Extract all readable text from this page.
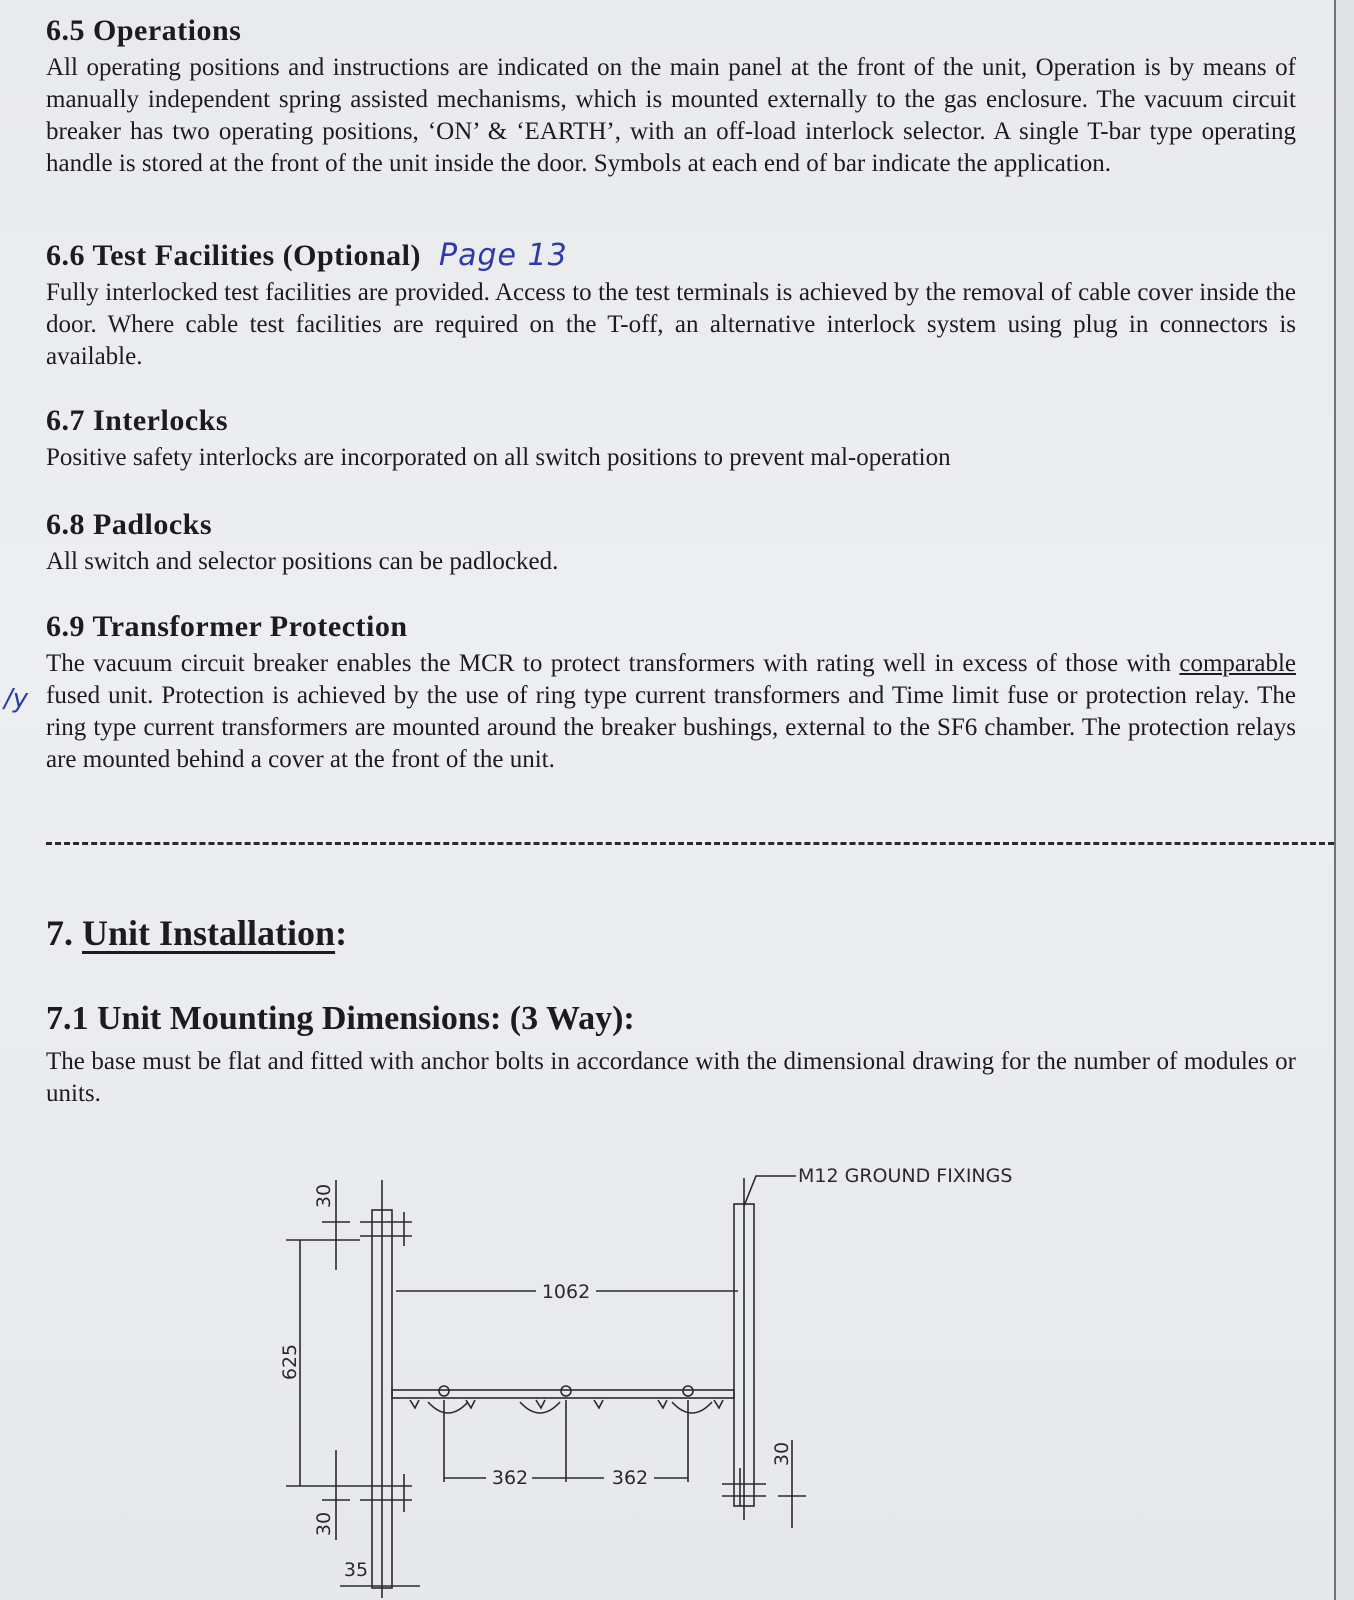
6.5 Operations

All operating positions and instructions are indicated on the main panel at the front of the unit, Operation is by means of manually independent spring assisted mechanisms, which is mounted externally to the gas enclosure. The vacuum circuit breaker has two operating positions, ‘ON’ & ‘EARTH’, with an off-load interlock selector. A single T-bar type operating handle is stored at the front of the unit inside the door. Symbols at each end of bar indicate the application.

6.6 Test Facilities (Optional) Page 13

Fully interlocked test facilities are provided. Access to the test terminals is achieved by the removal of cable cover inside the door. Where cable test facilities are required on the T-off, an alternative interlock system using plug in connectors is available.

6.7 Interlocks

Positive safety interlocks are incorporated on all switch positions to prevent mal-operation

6.8 Padlocks

All switch and selector positions can be padlocked.

/y
6.9 Transformer Protection

The vacuum circuit breaker enables the MCR to protect transformers with rating well in excess of those with comparable fused unit. Protection is achieved by the use of ring type current transformers and Time limit fuse or protection relay. The ring type current transformers are mounted around the breaker bushings, external to the SF6 chamber. The protection relays are mounted behind a cover at the front of the unit.

7. Unit Installation:
7.1 Unit Mounting Dimensions: (3 Way):

The base must be flat and fitted with anchor bolts in accordance with the dimensional drawing for the number of modules or units.

1062
625
30
30
30
362	362
35
M12 GROUND FIXINGS
